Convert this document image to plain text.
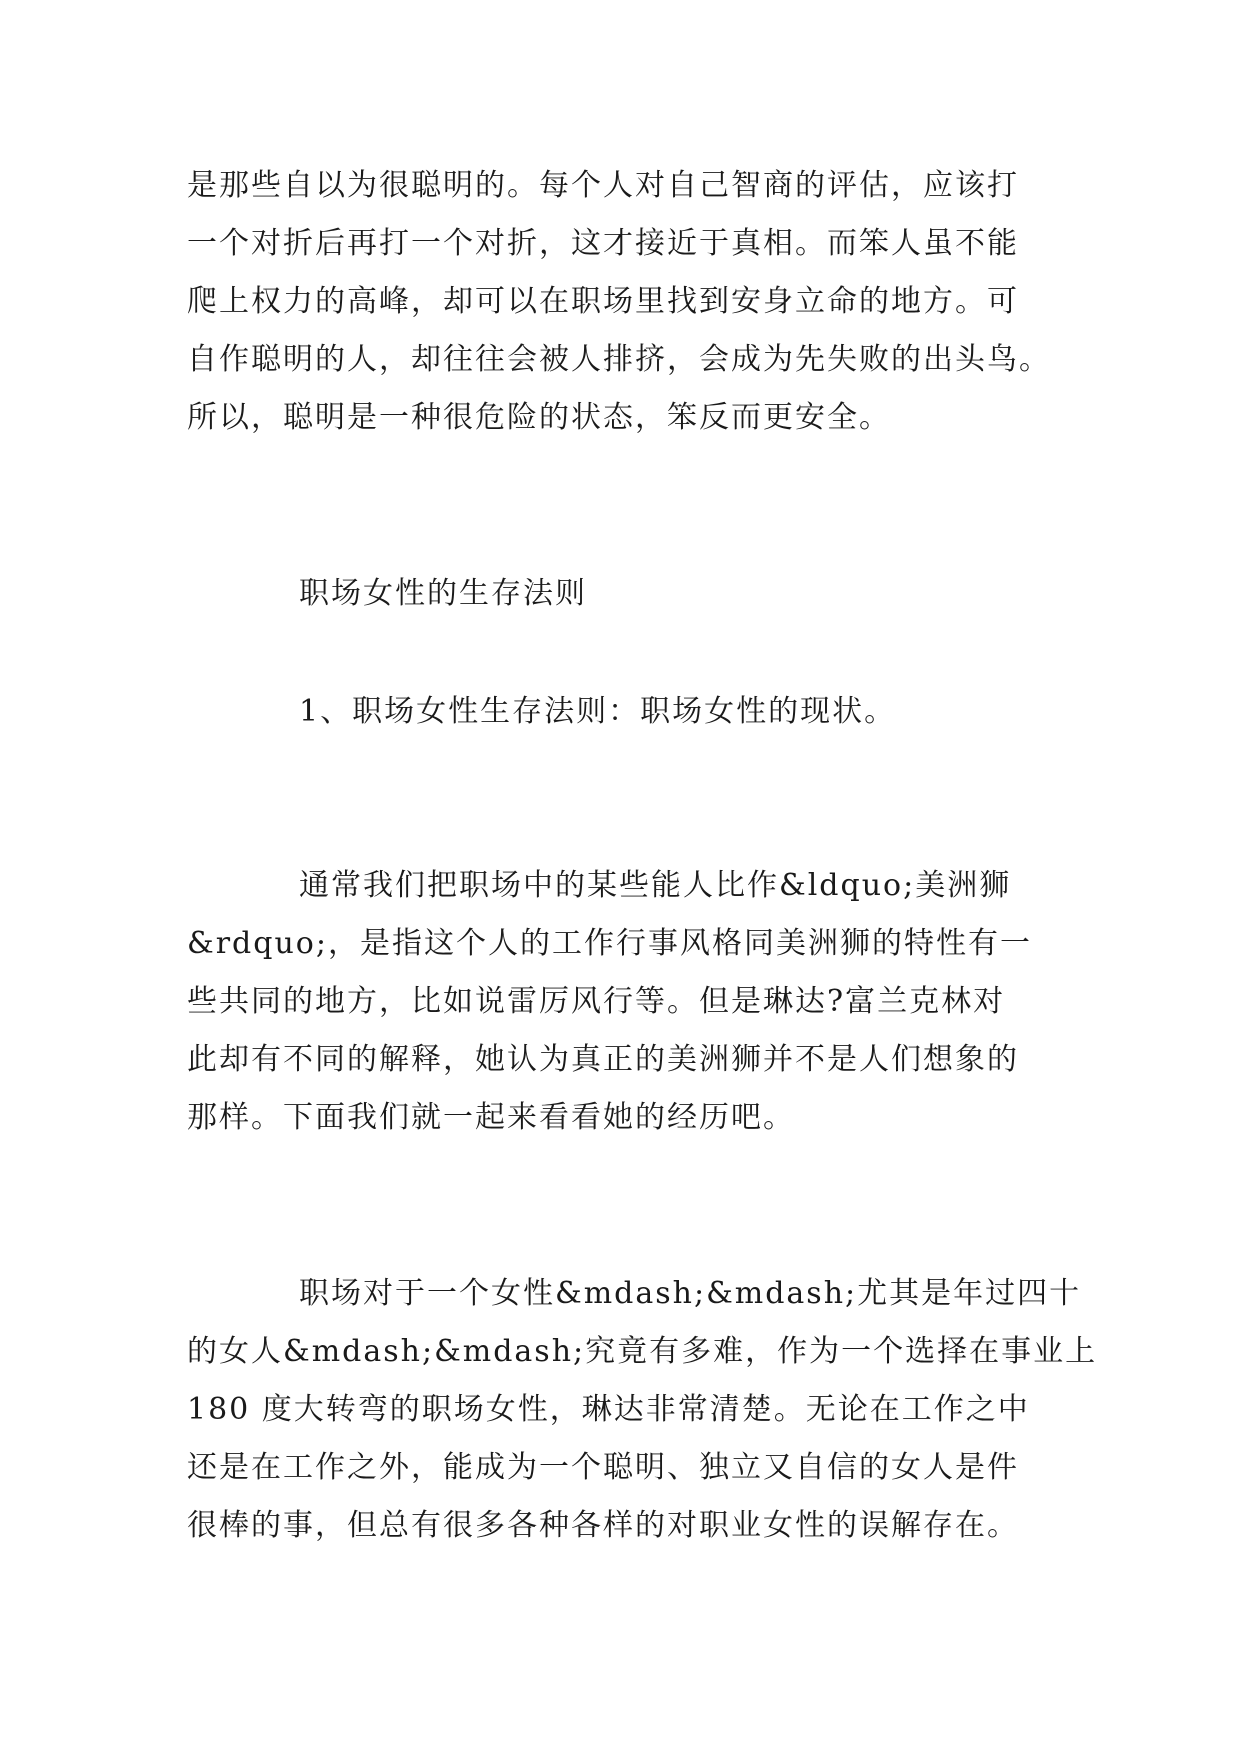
是那些自以为很聪明的。每个人对自己智商的评估，应该打
一个对折后再打一个对折，这才接近于真相。而笨人虽不能
爬上权力的高峰，却可以在职场里找到安身立命的地方。可
自作聪明的人，却往往会被人排挤，会成为先失败的出头鸟。
所以，聪明是一种很危险的状态，笨反而更安全。
职场女性的生存法则
1、职场女性生存法则：职场女性的现状。
通常我们把职场中的某些能人比作&ldquo;美洲狮
&rdquo;，是指这个人的工作行事风格同美洲狮的特性有一
些共同的地方，比如说雷厉风行等。但是琳达?富兰克林对
此却有不同的解释，她认为真正的美洲狮并不是人们想象的
那样。下面我们就一起来看看她的经历吧。
职场对于一个女性&mdash;&mdash;尤其是年过四十
的女人&mdash;&mdash;究竟有多难，作为一个选择在事业上
180 度大转弯的职场女性，琳达非常清楚。无论在工作之中
还是在工作之外，能成为一个聪明、独立又自信的女人是件
很棒的事，但总有很多各种各样的对职业女性的误解存在。
